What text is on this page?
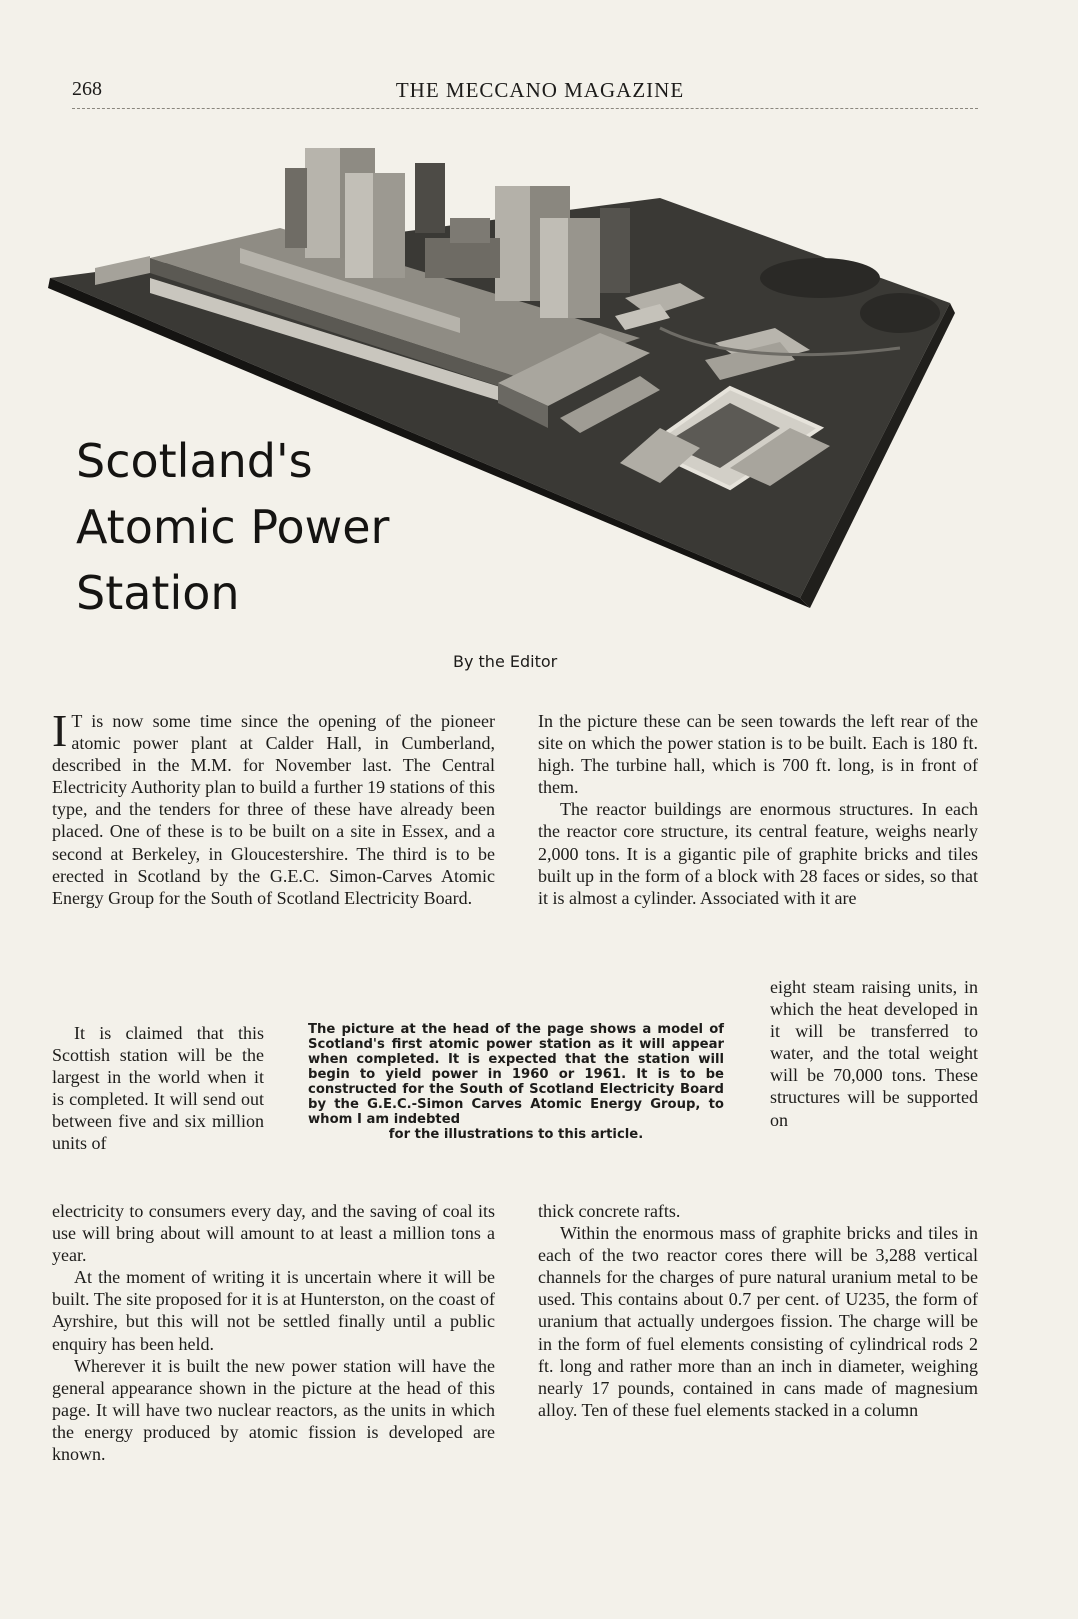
268	THE MECCANO MAGAZINE
Scotland's
Atomic Power
Station
By the Editor

IT is now some time since the opening of the pioneer atomic power plant at Calder Hall, in Cumberland, described in the M.M. for November last. The Central Electricity Authority plan to build a further 19 stations of this type, and the tenders for three of these have already been placed. One of these is to be built on a site in Essex, and a second at Berkeley, in Gloucestershire. The third is to be erected in Scotland by the G.E.C. Simon-Carves Atomic Energy Group for the South of Scotland Electricity Board.

It is claimed that this Scottish station will be the largest in the world when it is completed. It will send out between five and six million units of

electricity to consumers every day, and the saving of coal its use will bring about will amount to at least a million tons a year.

At the moment of writing it is uncertain where it will be built. The site proposed for it is at Hunterston, on the coast of Ayrshire, but this will not be settled finally until a public enquiry has been held.

Wherever it is built the new power station will have the general appearance shown in the picture at the head of this page. It will have two nuclear reactors, as the units in which the energy produced by atomic fission is developed are known.

The picture at the head of the page shows a model of Scotland's first atomic power station as it will appear when completed. It is expected that the station will begin to yield power in 1960 or 1961. It is to be constructed for the South of Scotland Electricity Board by the G.E.C.-Simon Carves Atomic Energy Group, to whom I am indebted
for the illustrations to this article.

In the picture these can be seen towards the left rear of the site on which the power station is to be built. Each is 180 ft. high. The turbine hall, which is 700 ft. long, is in front of them.

The reactor buildings are enormous structures. In each the reactor core structure, its central feature, weighs nearly 2,000 tons. It is a gigantic pile of graphite bricks and tiles built up in the form of a block with 28 faces or sides, so that it is almost a cylinder. Associated with it are

eight steam raising units, in which the heat developed in it will be transferred to water, and the total weight will be 70,000 tons. These structures will be supported on

thick concrete rafts.

Within the enormous mass of graphite bricks and tiles in each of the two reactor cores there will be 3,288 vertical channels for the charges of pure natural uranium metal to be used. This contains about 0.7 per cent. of U235, the form of uranium that actually undergoes fission. The charge will be in the form of fuel elements consisting of cylindrical rods 2 ft. long and rather more than an inch in diameter, weighing nearly 17 pounds, contained in cans made of magnesium alloy. Ten of these fuel elements stacked in a column
